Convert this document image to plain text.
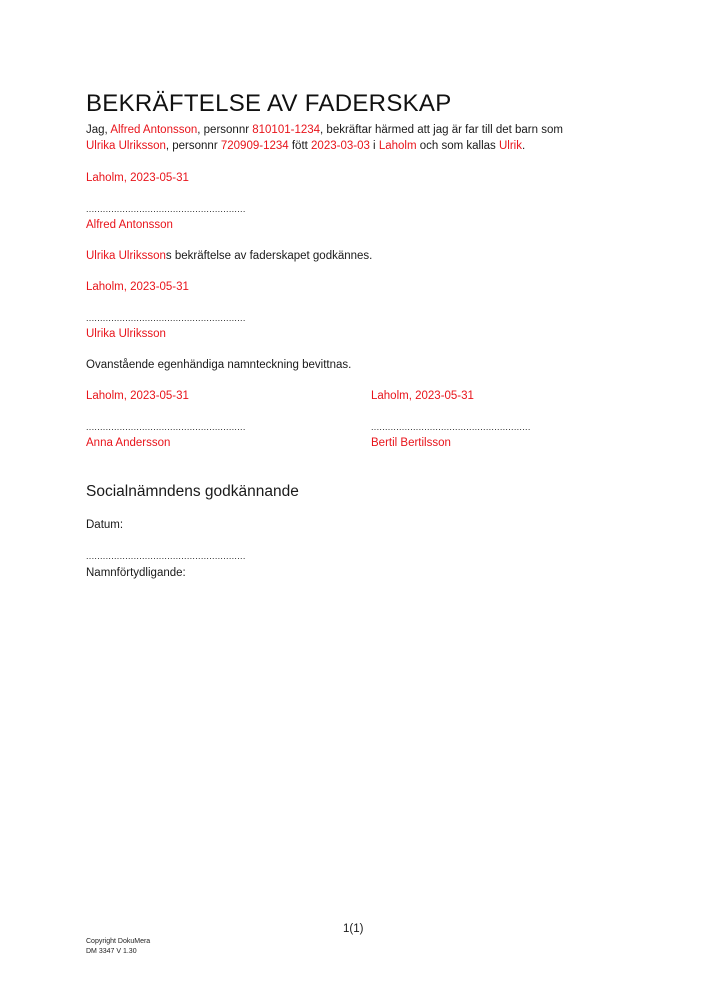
BEKRÄFTELSE AV FADERSKAP
Jag, Alfred Antonsson, personnr 810101-1234, bekräftar härmed att jag är far till det barn som
Ulrika Ulriksson, personnr 720909-1234 fött 2023-03-03 i Laholm och som kallas Ulrik.
Laholm, 2023-05-31
.........................................................
Alfred Antonsson
Ulrika Ulrikssons bekräftelse av faderskapet godkännes.
Laholm, 2023-05-31
.........................................................
Ulrika Ulriksson
Ovanstående egenhändiga namnteckning bevittnas.
Laholm, 2023-05-31
.........................................................
Anna Andersson
Laholm, 2023-05-31
.........................................................
Bertil Bertilsson
Socialnämndens godkännande
Datum:
.........................................................
Namnförtydligande:
1(1)
Copyright DokuMera
DM 3347 V 1.30
